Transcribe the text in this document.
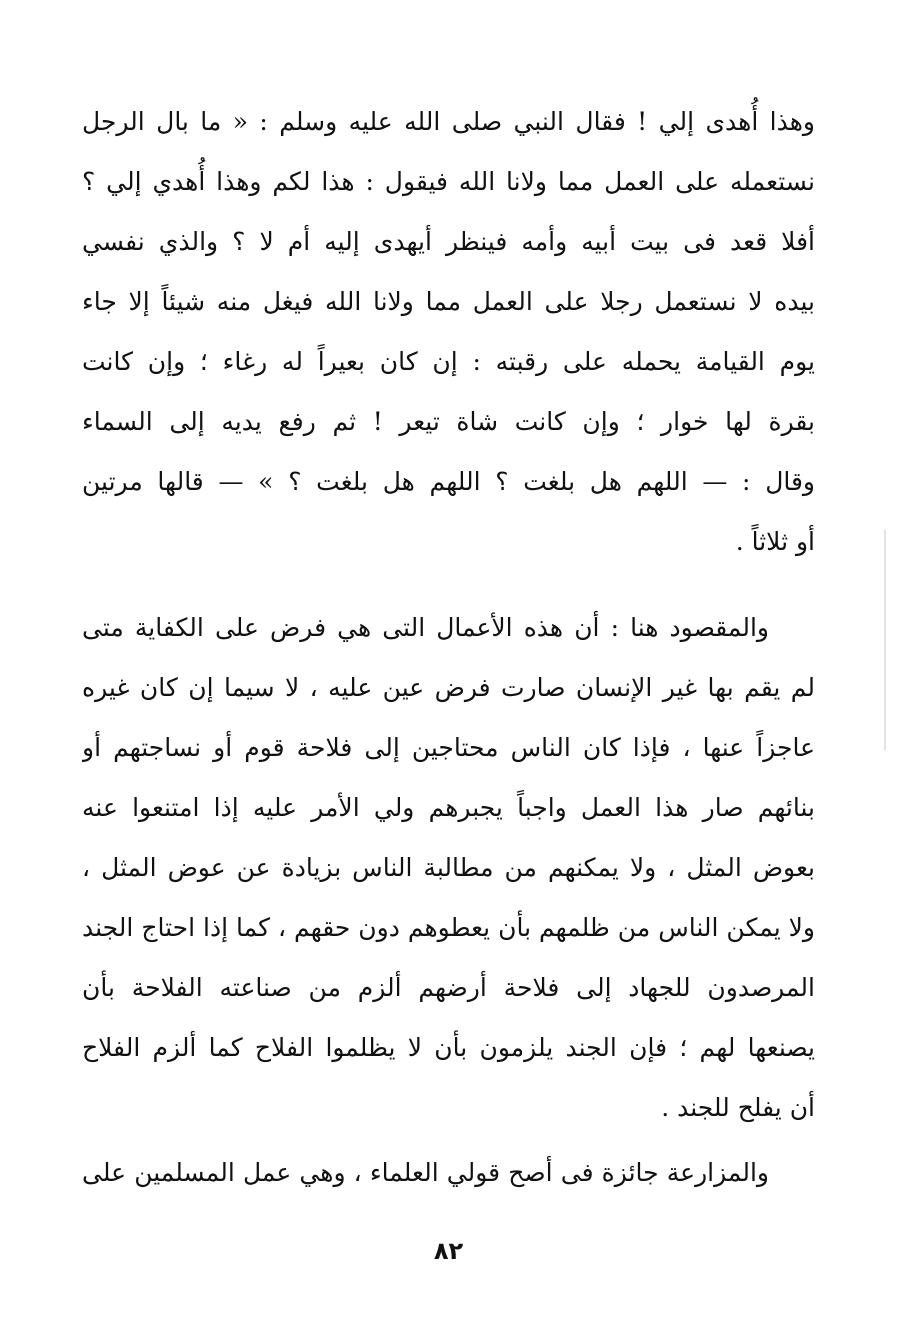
وهذا أُهدى إلي ! فقال النبي صلى الله عليه وسلم : « ما بال الرجل
نستعمله على العمل مما ولانا الله فيقول : هذا لكم وهذا أُهدي إلي ؟
أفلا قعد فى بيت أبيه وأمه فينظر أيهدى إليه أم لا ؟ والذي نفسي
بيده لا نستعمل رجلا على العمل مما ولانا الله فيغل منه شيئاً إلا جاء
يوم القيامة يحمله على رقبته : إن كان بعيراً له رغاء ؛ وإن كانت
بقرة لها خوار ؛ وإن كانت شاة تيعر ! ثم رفع يديه إلى السماء
وقال : — اللهم هل بلغت ؟ اللهم هل بلغت ؟ » — قالها مرتين
أو ثلاثاً .
والمقصود هنا : أن هذه الأعمال التى هي فرض على الكفاية متى
لم يقم بها غير الإنسان صارت فرض عين عليه ، لا سيما إن كان غيره
عاجزاً عنها ، فإذا كان الناس محتاجين إلى فلاحة قوم أو نساجتهم أو
بنائهم صار هذا العمل واجباً يجبرهم ولي الأمر عليه إذا امتنعوا عنه
بعوض المثل ، ولا يمكنهم من مطالبة الناس بزيادة عن عوض المثل ،
ولا يمكن الناس من ظلمهم بأن يعطوهم دون حقهم ، كما إذا احتاج الجند
المرصدون للجهاد إلى فلاحة أرضهم ألزم من صناعته الفلاحة بأن
يصنعها لهم ؛ فإن الجند يلزمون بأن لا يظلموا الفلاح كما ألزم الفلاح
أن يفلح للجند .
والمزارعة جائزة فى أصح قولي العلماء ، وهي عمل المسلمين على
٨٢
